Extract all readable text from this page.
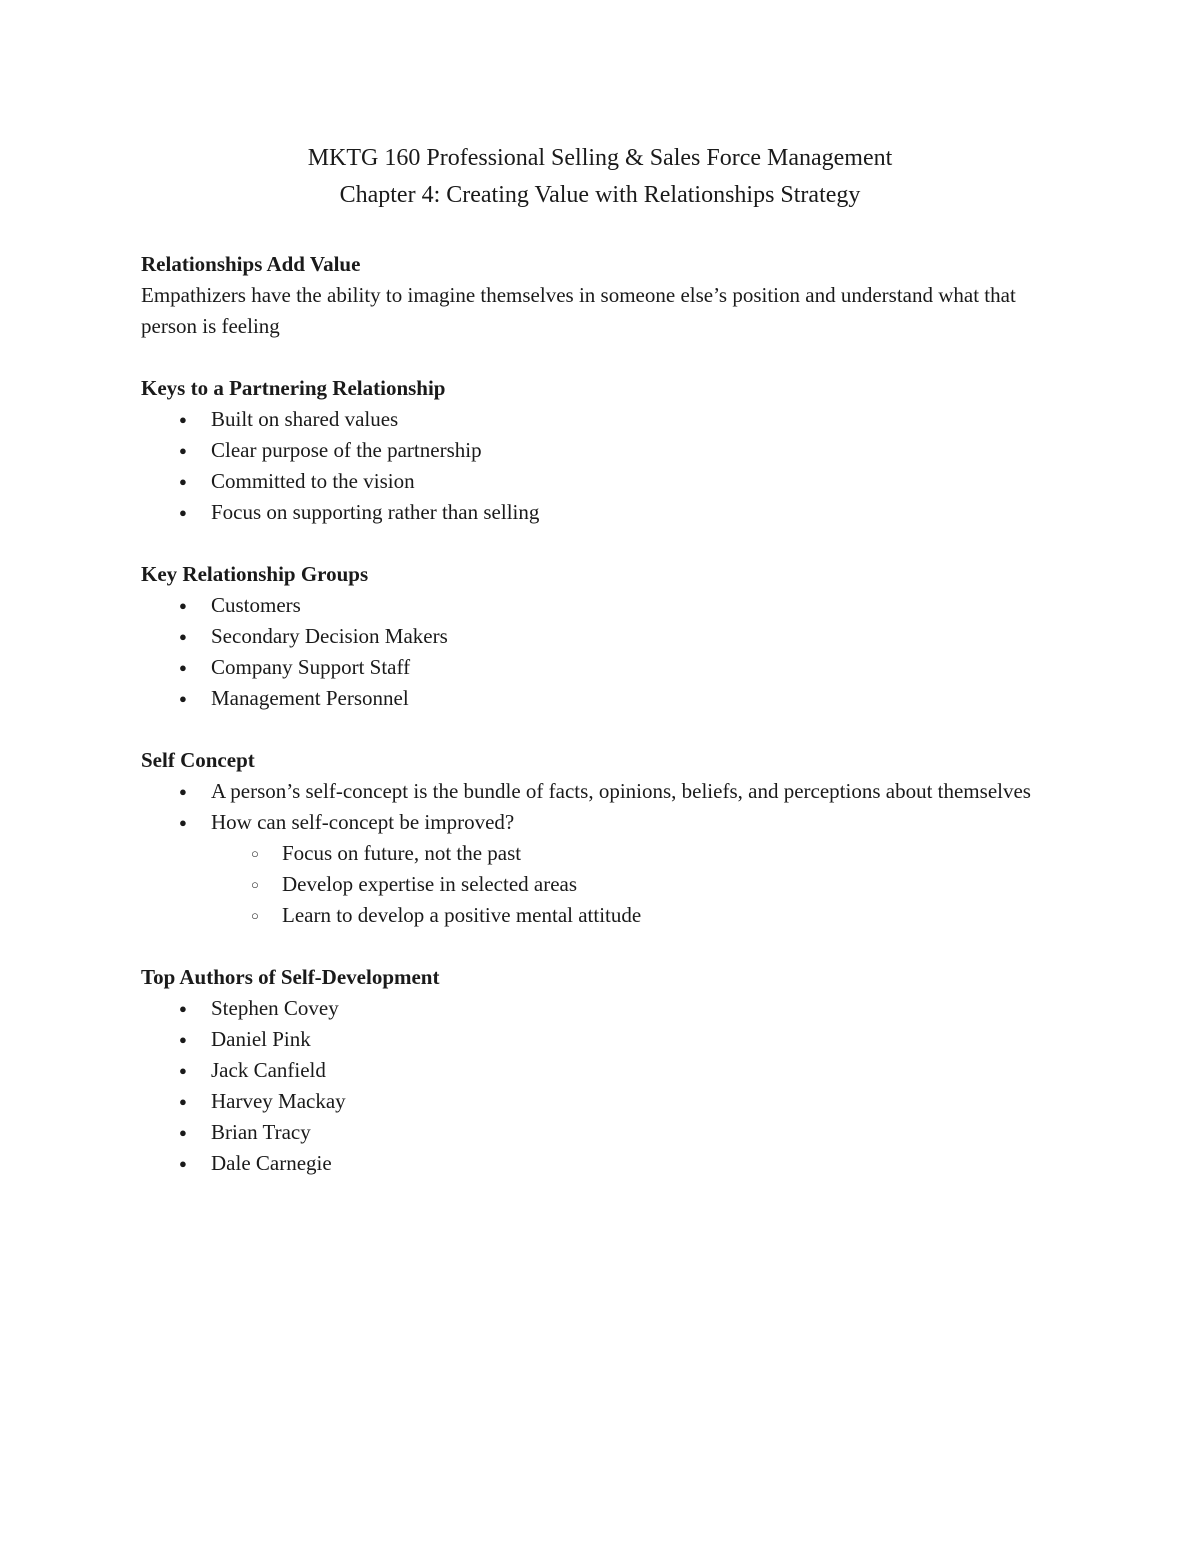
MKTG 160 Professional Selling & Sales Force Management
Chapter 4: Creating Value with Relationships Strategy

Relationships Add Value

Empathizers have the ability to imagine themselves in someone else’s position and understand what that person is feeling

Keys to a Partnering Relationship

● Built on shared values
● Clear purpose of the partnership
● Committed to the vision
● Focus on supporting rather than selling

Key Relationship Groups

● Customers
● Secondary Decision Makers
● Company Support Staff
● Management Personnel

Self Concept

● A person’s self-concept is the bundle of facts, opinions, beliefs, and perceptions about themselves
● How can self-concept be improved?
○ Focus on future, not the past
○ Develop expertise in selected areas
○ Learn to develop a positive mental attitude

Top Authors of Self-Development

● Stephen Covey
● Daniel Pink
● Jack Canfield
● Harvey Mackay
● Brian Tracy
● Dale Carnegie
